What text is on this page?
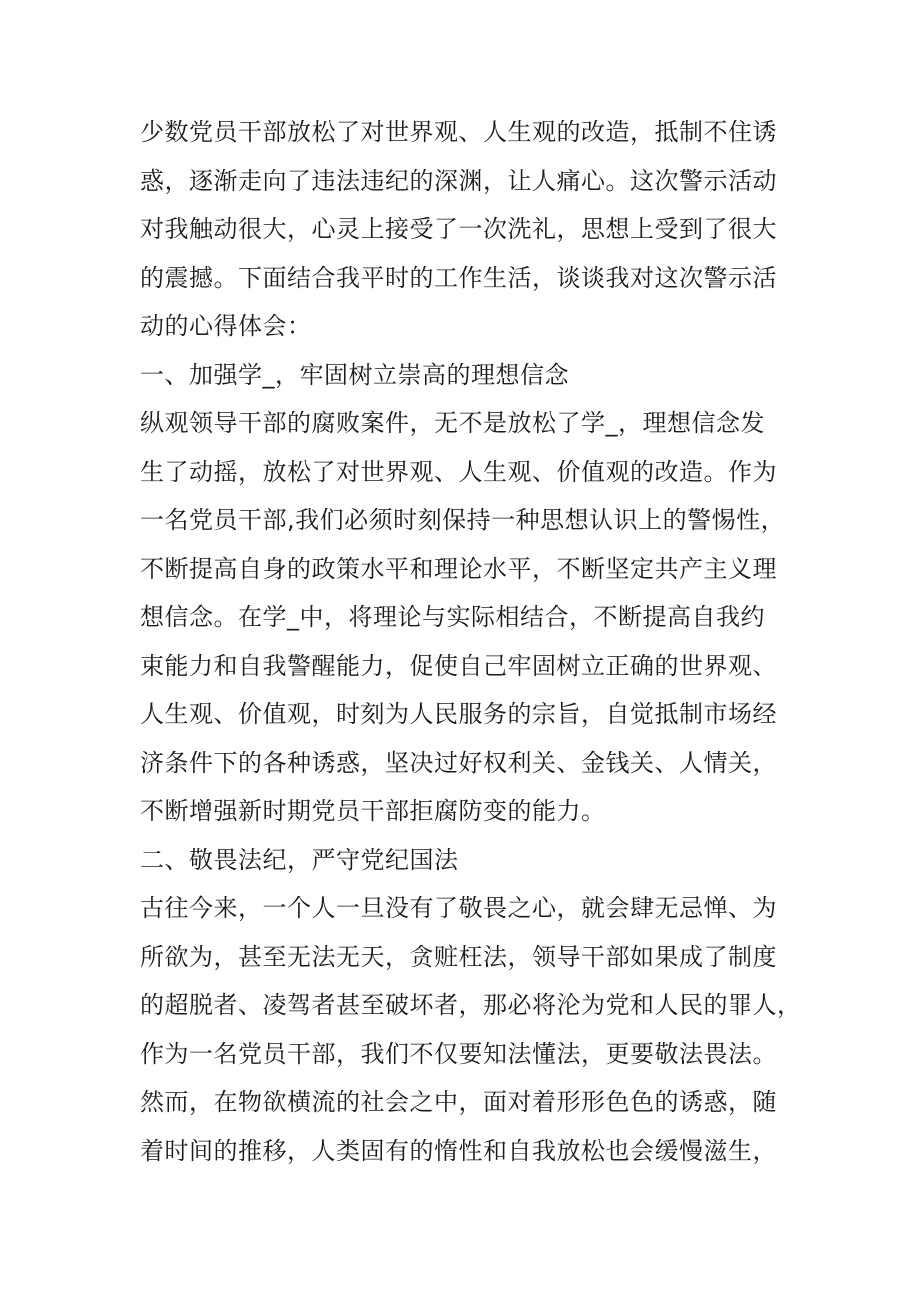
少数党员干部放松了对世界观、人生观的改造，抵制不住诱
惑，逐渐走向了违法违纪的深渊，让人痛心。这次警示活动
对我触动很大，心灵上接受了一次洗礼，思想上受到了很大
的震撼。下面结合我平时的工作生活，谈谈我对这次警示活
动的心得体会：
一、加强学_，牢固树立崇高的理想信念
纵观领导干部的腐败案件，无不是放松了学_，理想信念发
生了动摇，放松了对世界观、人生观、价值观的改造。作为
一名党员干部,我们必须时刻保持一种思想认识上的警惕性，
不断提高自身的政策水平和理论水平，不断坚定共产主义理
想信念。在学_中，将理论与实际相结合，不断提高自我约
束能力和自我警醒能力，促使自己牢固树立正确的世界观、
人生观、价值观，时刻为人民服务的宗旨，自觉抵制市场经
济条件下的各种诱惑，坚决过好权利关、金钱关、人情关，
不断增强新时期党员干部拒腐防变的能力。
二、敬畏法纪，严守党纪国法
古往今来，一个人一旦没有了敬畏之心，就会肆无忌惮、为
所欲为，甚至无法无天，贪赃枉法，领导干部如果成了制度
的超脱者、凌驾者甚至破坏者，那必将沦为党和人民的罪人，
作为一名党员干部，我们不仅要知法懂法，更要敬法畏法。
然而，在物欲横流的社会之中，面对着形形色色的诱惑，随
着时间的推移，人类固有的惰性和自我放松也会缓慢滋生，
